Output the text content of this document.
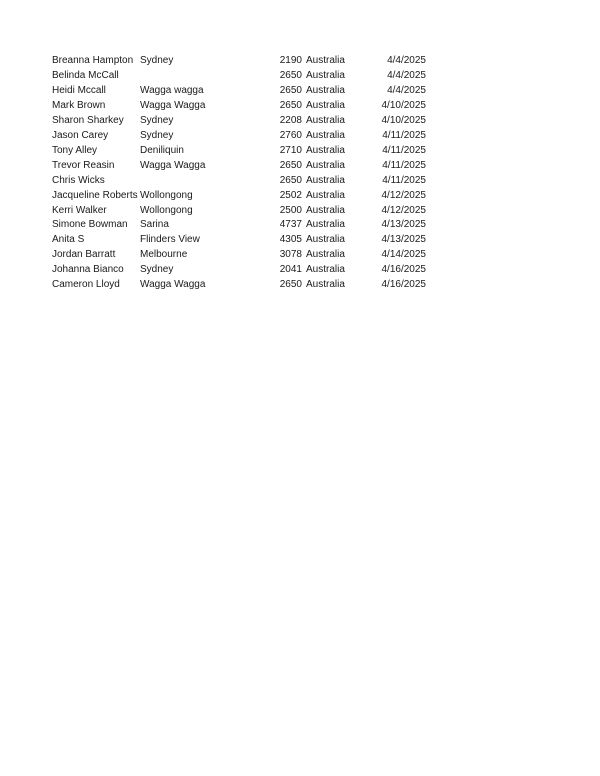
Breanna Hampton	Sydney	2190	Australia	4/4/2025
Belinda McCall		2650	Australia	4/4/2025
Heidi Mccall	Wagga wagga	2650	Australia	4/4/2025
Mark Brown	Wagga Wagga	2650	Australia	4/10/2025
Sharon Sharkey	Sydney	2208	Australia	4/10/2025
Jason Carey	Sydney	2760	Australia	4/11/2025
Tony Alley	Deniliquin	2710	Australia	4/11/2025
Trevor Reasin	Wagga Wagga	2650	Australia	4/11/2025
Chris Wicks		2650	Australia	4/11/2025
Jacqueline Roberts	Wollongong	2502	Australia	4/12/2025
Kerri Walker	Wollongong	2500	Australia	4/12/2025
Simone Bowman	Sarina	4737	Australia	4/13/2025
Anita S	Flinders View	4305	Australia	4/13/2025
Jordan Barratt	Melbourne	3078	Australia	4/14/2025
Johanna Bianco	Sydney	2041	Australia	4/16/2025
Cameron Lloyd	Wagga Wagga	2650	Australia	4/16/2025
